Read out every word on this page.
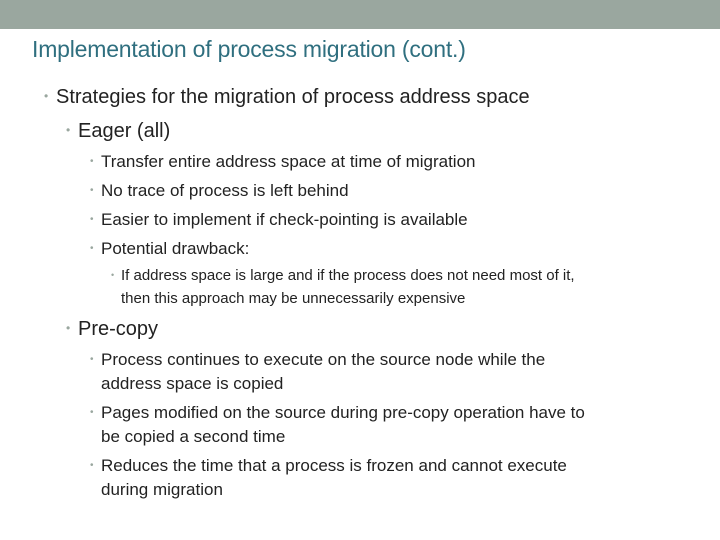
Implementation of process migration (cont.)
• Strategies for the migration of process address space
• Eager (all)
• Transfer entire address space at time of migration
• No trace of process is left behind
• Easier to implement if check-pointing is available
• Potential drawback:
• If address space is large and if the process does not need most of it,
then this approach may be unnecessarily expensive
• Pre-copy
• Process continues to execute on the source node while the
address space is copied
• Pages modified on the source during pre-copy operation have to
be copied a second time
• Reduces the time that a process is frozen and cannot execute
during migration
